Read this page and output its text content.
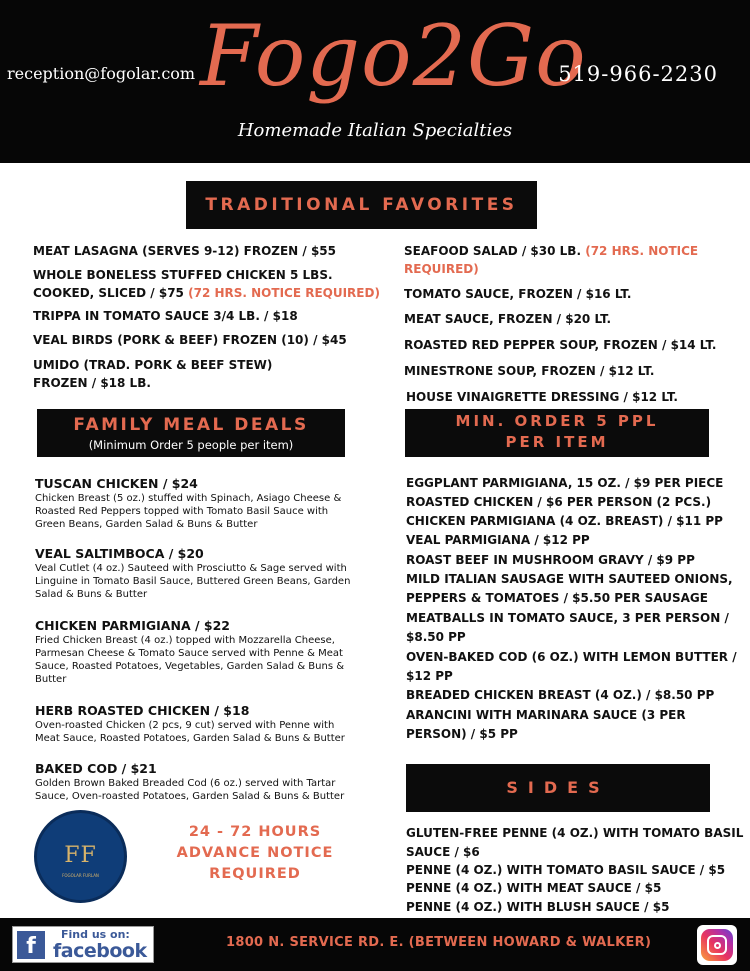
reception@fogolar.com Fogo2Go
Homemade Italian Specialties
519-966-2230
TRADITIONAL FAVORITES
MEAT LASAGNA (SERVES 9-12) FROZEN / $55
WHOLE BONELESS STUFFED CHICKEN 5 LBS.
COOKED, SLICED / $75 (72 HRS. NOTICE REQUIRED)
TRIPPA IN TOMATO SAUCE 3/4 LB. / $18
VEAL BIRDS (PORK & BEEF) FROZEN (10) / $45
UMIDO (TRAD. PORK & BEEF STEW)
FROZEN / $18 LB.
SEAFOOD SALAD / $30 LB. (72 HRS. NOTICE
REQUIRED)
TOMATO SAUCE, FROZEN / $16 LT.
MEAT SAUCE, FROZEN / $20 LT.
ROASTED RED PEPPER SOUP, FROZEN / $14 LT.
MINESTRONE SOUP, FROZEN / $12 LT.
HOUSE VINAIGRETTE DRESSING / $12 LT.
FAMILY MEAL DEALS
(Minimum Order 5 people per item)
TUSCAN CHICKEN / $24
Chicken Breast (5 oz.) stuffed with Spinach, Asiago Cheese &
Roasted Red Peppers topped with Tomato Basil Sauce with
Green Beans, Garden Salad & Buns & Butter
VEAL SALTIMBOCA / $20
Veal Cutlet (4 oz.) Sauteed with Prosciutto & Sage served with
Linguine in Tomato Basil Sauce, Buttered Green Beans, Garden
Salad & Buns & Butter
CHICKEN PARMIGIANA / $22
Fried Chicken Breast (4 oz.) topped with Mozzarella Cheese,
Parmesan Cheese & Tomato Sauce served with Penne & Meat
Sauce, Roasted Potatoes, Vegetables, Garden Salad & Buns &
Butter
HERB ROASTED CHICKEN / $18
Oven-roasted Chicken (2 pcs, 9 cut) served with Penne with
Meat Sauce, Roasted Potatoes, Garden Salad & Buns & Butter
BAKED COD / $21
Golden Brown Baked Breaded Cod (6 oz.) served with Tartar
Sauce, Oven-roasted Potatoes, Garden Salad & Buns & Butter
FF
FOGOLAR FURLAN
24 - 72 HOURS
ADVANCE NOTICE
REQUIRED
MIN. ORDER 5 PPL
PER ITEM
EGGPLANT PARMIGIANA, 15 OZ. / $9 PER PIECE
ROASTED CHICKEN / $6 PER PERSON (2 PCS.)
CHICKEN PARMIGIANA (4 OZ. BREAST) / $11 PP
VEAL PARMIGIANA / $12 PP
ROAST BEEF IN MUSHROOM GRAVY / $9 PP
MILD ITALIAN SAUSAGE WITH SAUTEED ONIONS,
PEPPERS & TOMATOES / $5.50 PER SAUSAGE
MEATBALLS IN TOMATO SAUCE, 3 PER PERSON /
$8.50 PP
OVEN-BAKED COD (6 OZ.) WITH LEMON BUTTER /
$12 PP
BREADED CHICKEN BREAST (4 OZ.) / $8.50 PP
ARANCINI WITH MARINARA SAUCE (3 PER
PERSON) / $5 PP
SIDES
GLUTEN-FREE PENNE (4 OZ.) WITH TOMATO BASIL
SAUCE / $6
PENNE (4 OZ.) WITH TOMATO BASIL SAUCE / $5
PENNE (4 OZ.) WITH MEAT SAUCE / $5
PENNE (4 OZ.) WITH BLUSH SAUCE / $5
f	Find us on:
facebook	1800 N. SERVICE RD. E. (BETWEEN HOWARD & WALKER)
